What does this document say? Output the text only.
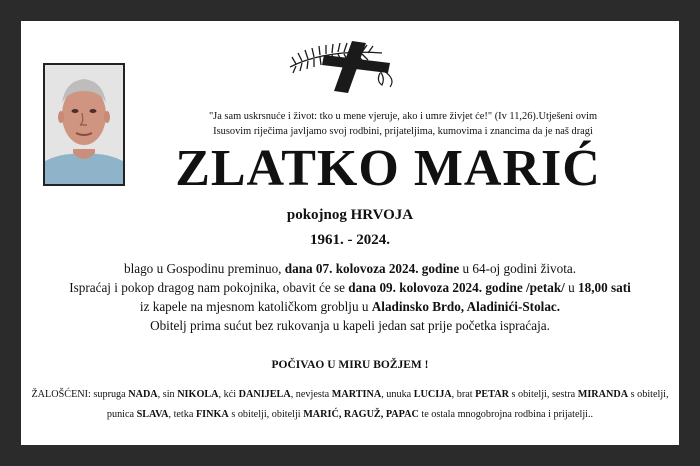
"Ja sam uskrsnuće i život: tko u mene vjeruje, ako i umre živjet će!" (Iv 11,26).Utješeni ovim
Isusovim riječima javljamo svoj rodbini, prijateljima, kumovima i znancima da je naš dragi
ZLATKO MARIĆ
pokojnog HRVOJA
1961. - 2024.
blago u Gospodinu preminuo, dana 07. kolovoza 2024. godine u 64-oj godini života.
Ispraćaj i pokop dragog nam pokojnika, obavit će se dana 09. kolovoza 2024. godine /petak/ u 18,00 sati
iz kapele na mjesnom katoličkom groblju u Aladinsko Brdo, Aladinići-Stolac.
Obitelj prima sućut bez rukovanja u kapeli jedan sat prije početka ispraćaja.
POČIVAO U MIRU BOŽJEM !
ŽALOŠĆENI: supruga NADA, sin NIKOLA, kći DANIJELA, nevjesta MARTINA, unuka LUCIJA, brat PETAR s obitelji, sestra MIRANDA s obitelji,
punica SLAVA, tetka FINKA s obitelji, obitelji MARIĆ, RAGUŽ, PAPAC te ostala mnogobrojna rodbina i prijatelji..
